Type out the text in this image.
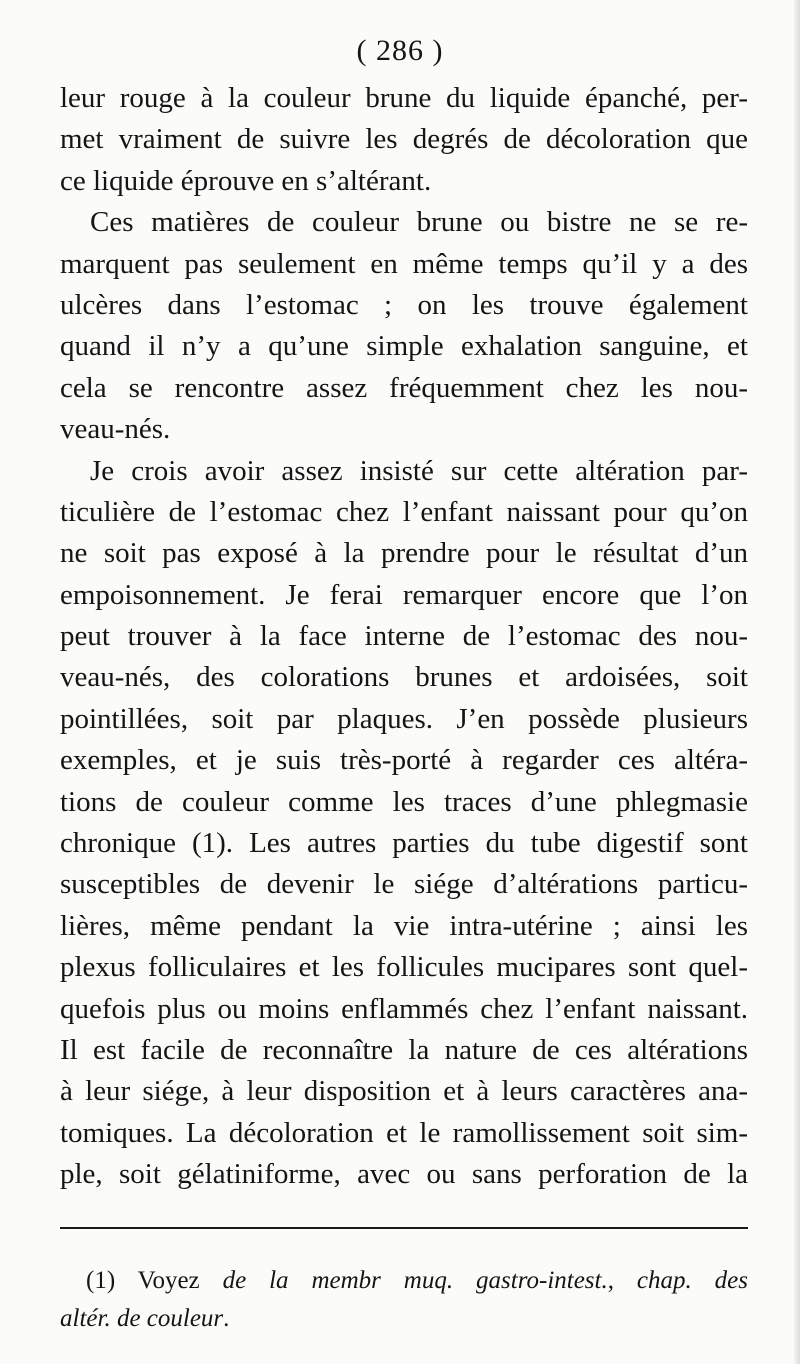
( 286 )
leur rouge à la couleur brune du liquide épanché, per-
met vraiment de suivre les degrés de décoloration que
ce liquide éprouve en s’altérant.
Ces matières de couleur brune ou bistre ne se re-
marquent pas seulement en même temps qu’il y a des
ulcères dans l’estomac ; on les trouve également
quand il n’y a qu’une simple exhalation sanguine, et
cela se rencontre assez fréquemment chez les nou-
veau-nés.
Je crois avoir assez insisté sur cette altération par-
ticulière de l’estomac chez l’enfant naissant pour qu’on
ne soit pas exposé à la prendre pour le résultat d’un
empoisonnement. Je ferai remarquer encore que l’on
peut trouver à la face interne de l’estomac des nou-
veau-nés, des colorations brunes et ardoisées, soit
pointillées, soit par plaques. J’en possède plusieurs
exemples, et je suis très-porté à regarder ces altéra-
tions de couleur comme les traces d’une phlegmasie
chronique (1). Les autres parties du tube digestif sont
susceptibles de devenir le siége d’altérations particu-
lières, même pendant la vie intra-utérine ; ainsi les
plexus folliculaires et les follicules mucipares sont quel-
quefois plus ou moins enflammés chez l’enfant naissant.
Il est facile de reconnaître la nature de ces altérations
à leur siége, à leur disposition et à leurs caractères ana-
tomiques. La décoloration et le ramollissement soit sim-
ple, soit gélatiniforme, avec ou sans perforation de la
(1) Voyez de la membr muq. gastro-intest., chap. des
altér. de couleur.
